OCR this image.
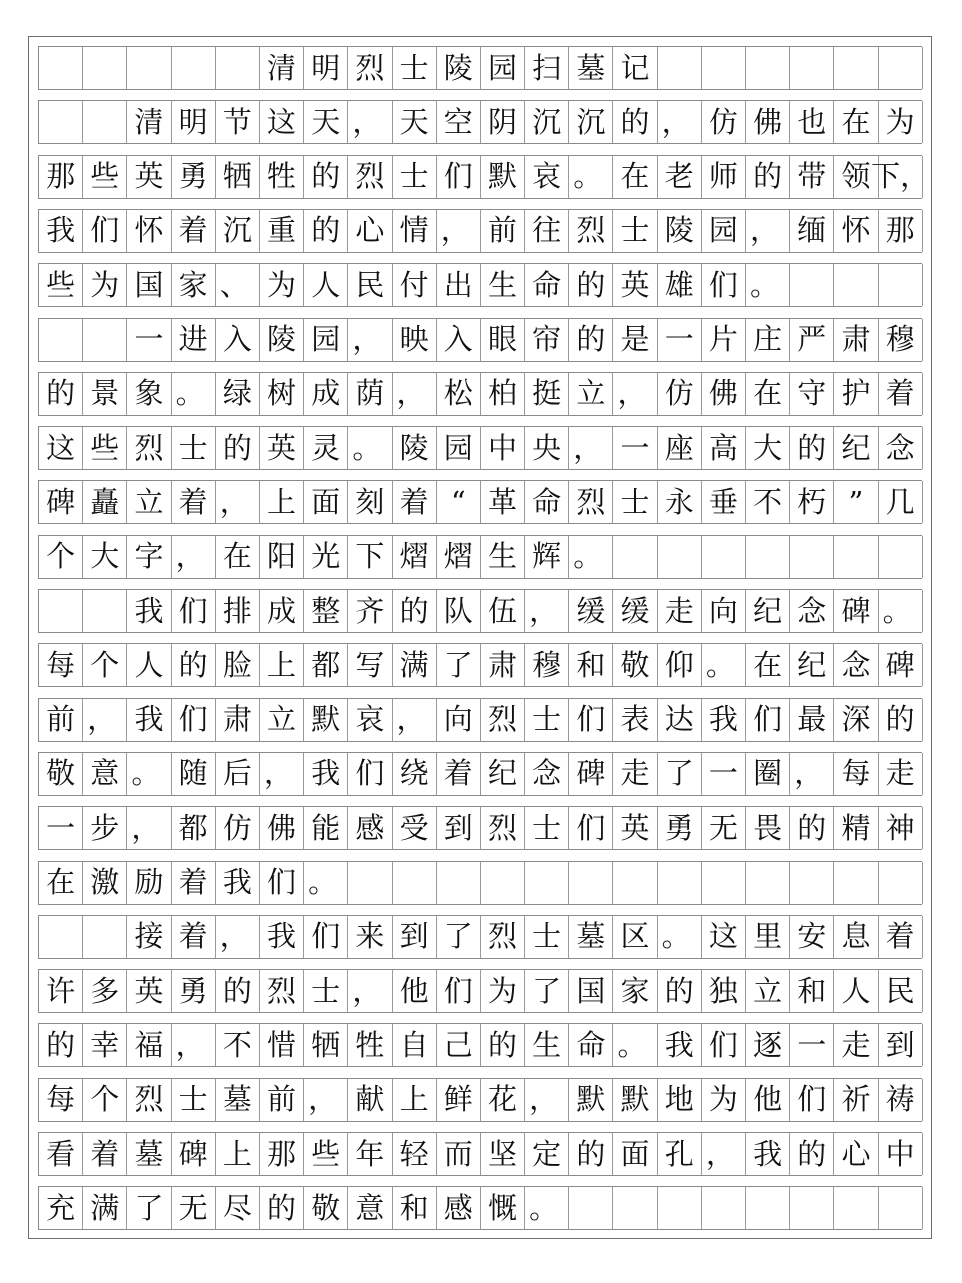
清 明 烈 士 陵 园 扫 墓 记
清 明 节 这 天 ， 天 空 阴 沉 沉 的 ， 仿 佛 也 在 为
那 些 英 勇 牺 牲 的 烈 士 们 默 哀 。 在 老 师 的 带 领 下，
我 们 怀 着 沉 重 的 心 情 ， 前 往 烈 士 陵 园 ， 缅 怀 那
些 为 国 家 、 为 人 民 付 出 生 命 的 英 雄 们 。
一 进 入 陵 园 ， 映 入 眼 帘 的 是 一 片 庄 严 肃 穆
的 景 象 。 绿 树 成 荫 ， 松 柏 挺 立 ， 仿 佛 在 守 护 着
这 些 烈 士 的 英 灵 。 陵 园 中 央 ， 一 座 高 大 的 纪 念
碑 矗 立 着 ， 上 面 刻 着 “ 革 命 烈 士 永 垂 不 朽 ” 几
个 大 字 ， 在 阳 光 下 熠 熠 生 辉 。
我 们 排 成 整 齐 的 队 伍 ， 缓 缓 走 向 纪 念 碑 。
每 个 人 的 脸 上 都 写 满 了 肃 穆 和 敬 仰 。 在 纪 念 碑
前 ， 我 们 肃 立 默 哀 ， 向 烈 士 们 表 达 我 们 最 深 的
敬 意 。 随 后 ， 我 们 绕 着 纪 念 碑 走 了 一 圈 ， 每 走
一 步 ， 都 仿 佛 能 感 受 到 烈 士 们 英 勇 无 畏 的 精 神
在 激 励 着 我 们 。
接 着 ， 我 们 来 到 了 烈 士 墓 区 。 这 里 安 息 着
许 多 英 勇 的 烈 士 ， 他 们 为 了 国 家 的 独 立 和 人 民
的 幸 福 ， 不 惜 牺 牲 自 己 的 生 命 。 我 们 逐 一 走 到
每 个 烈 士 墓 前 ， 献 上 鲜 花 ， 默 默 地 为 他 们 祈 祷
看 着 墓 碑 上 那 些 年 轻 而 坚 定 的 面 孔 ， 我 的 心 中
充 满 了 无 尽 的 敬 意 和 感 慨 。
